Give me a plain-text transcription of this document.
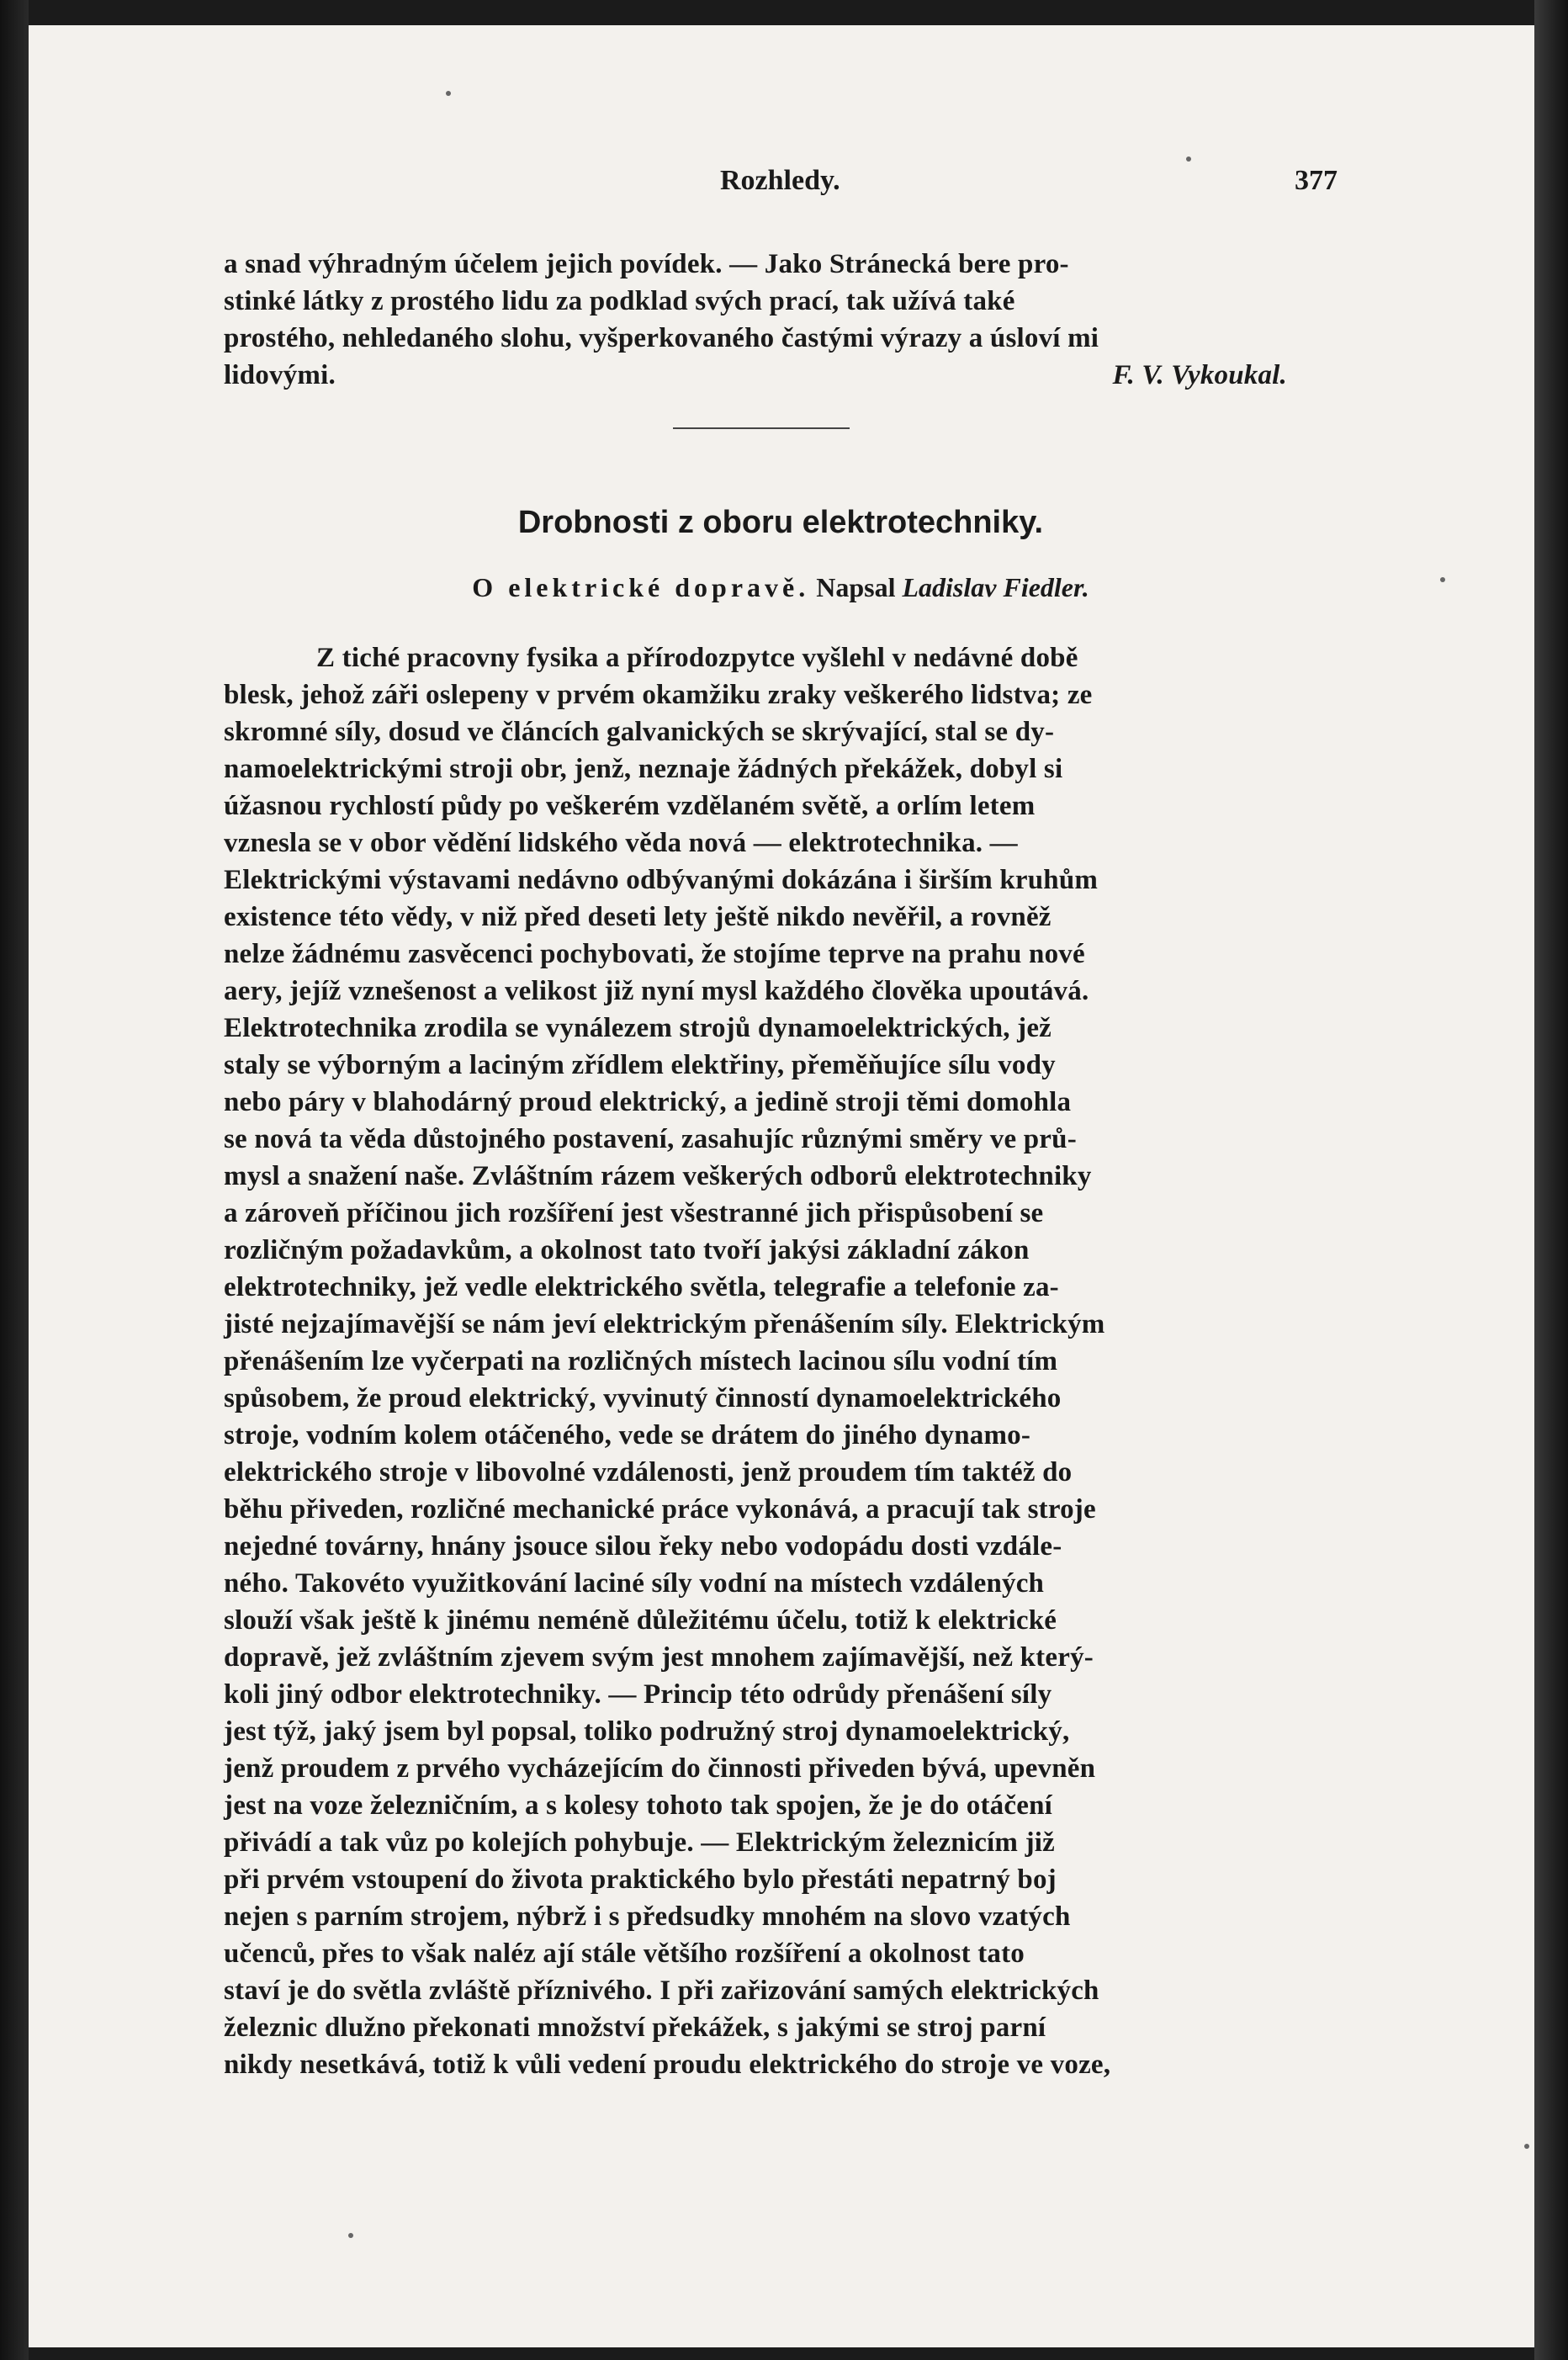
Rozhledy.	377
a snad výhradným účelem jejich povídek. — Jako Stránecká bere pro-
stinké látky z prostého lidu za podklad svých prací, tak užívá také
prostého, nehledaného slohu, vyšperkovaného častými výrazy a úsloví mi
lidovými.	F. V. Vykoukal.
Drobnosti z oboru elektrotechniky.
O elektrické dopravě. Napsal Ladislav Fiedler.
Z tiché pracovny fysika a přírodozpytce vyšlehl v nedávné době
blesk, jehož záři oslepeny v prvém okamžiku zraky veškerého lidstva; ze
skromné síly, dosud ve článcích galvanických se skrývající, stal se dy-
namoelektrickými stroji obr, jenž, neznaje žádných překážek, dobyl si
úžasnou rychlostí půdy po veškerém vzdělaném světě, a orlím letem
vznesla se v obor vědění lidského věda nová — elektrotechnika. —
Elektrickými výstavami nedávno odbývanými dokázána i širším kruhům
existence této vědy, v niž před deseti lety ještě nikdo nevěřil, a rovněž
nelze žádnému zasvěcenci pochybovati, že stojíme teprve na prahu nové
aery, jejíž vznešenost a velikost již nyní mysl každého člověka upoutává.
Elektrotechnika zrodila se vynálezem strojů dynamoelektrických, jež
staly se výborným a laciným zřídlem elektřiny, přeměňujíce sílu vody
nebo páry v blahodárný proud elektrický, a jedině stroji těmi domohla
se nová ta věda důstojného postavení, zasahujíc různými směry ve prů-
mysl a snažení naše. Zvláštním rázem veškerých odborů elektrotechniky
a zároveň příčinou jich rozšíření jest všestranné jich přispůsobení se
rozličným požadavkům, a okolnost tato tvoří jakýsi základní zákon
elektrotechniky, jež vedle elektrického světla, telegrafie a telefonie za-
jisté nejzajímavější se nám jeví elektrickým přenášením síly. Elektrickým
přenášením lze vyčerpati na rozličných místech lacinou sílu vodní tím
spůsobem, že proud elektrický, vyvinutý činností dynamoelektrického
stroje, vodním kolem otáčeného, vede se drátem do jiného dynamo-
elektrického stroje v libovolné vzdálenosti, jenž proudem tím taktéž do
běhu přiveden, rozličné mechanické práce vykonává, a pracují tak stroje
nejedné továrny, hnány jsouce silou řeky nebo vodopádu dosti vzdále-
ného. Takovéto využitkování laciné síly vodní na místech vzdálených
slouží však ještě k jinému neméně důležitému účelu, totiž k elektrické
dopravě, jež zvláštním zjevem svým jest mnohem zajímavější, než který-
koli jiný odbor elektrotechniky. — Princip této odrůdy přenášení síly
jest týž, jaký jsem byl popsal, toliko podružný stroj dynamoelektrický,
jenž proudem z prvého vycházejícím do činnosti přiveden bývá, upevněn
jest na voze železničním, a s kolesy tohoto tak spojen, že je do otáčení
přivádí a tak vůz po kolejích pohybuje. — Elektrickým železnicím již
při prvém vstoupení do života praktického bylo přestáti nepatrný boj
nejen s parním strojem, nýbrž i s předsudky mnohém na slovo vzatých
učenců, přes to však naléz ají stále většího rozšíření a okolnost tato
staví je do světla zvláště příznivého. I při zařizování samých elektrických
železnic dlužno překonati množství překážek, s jakými se stroj parní
nikdy nesetkává, totiž k vůli vedení proudu elektrického do stroje ve voze,
